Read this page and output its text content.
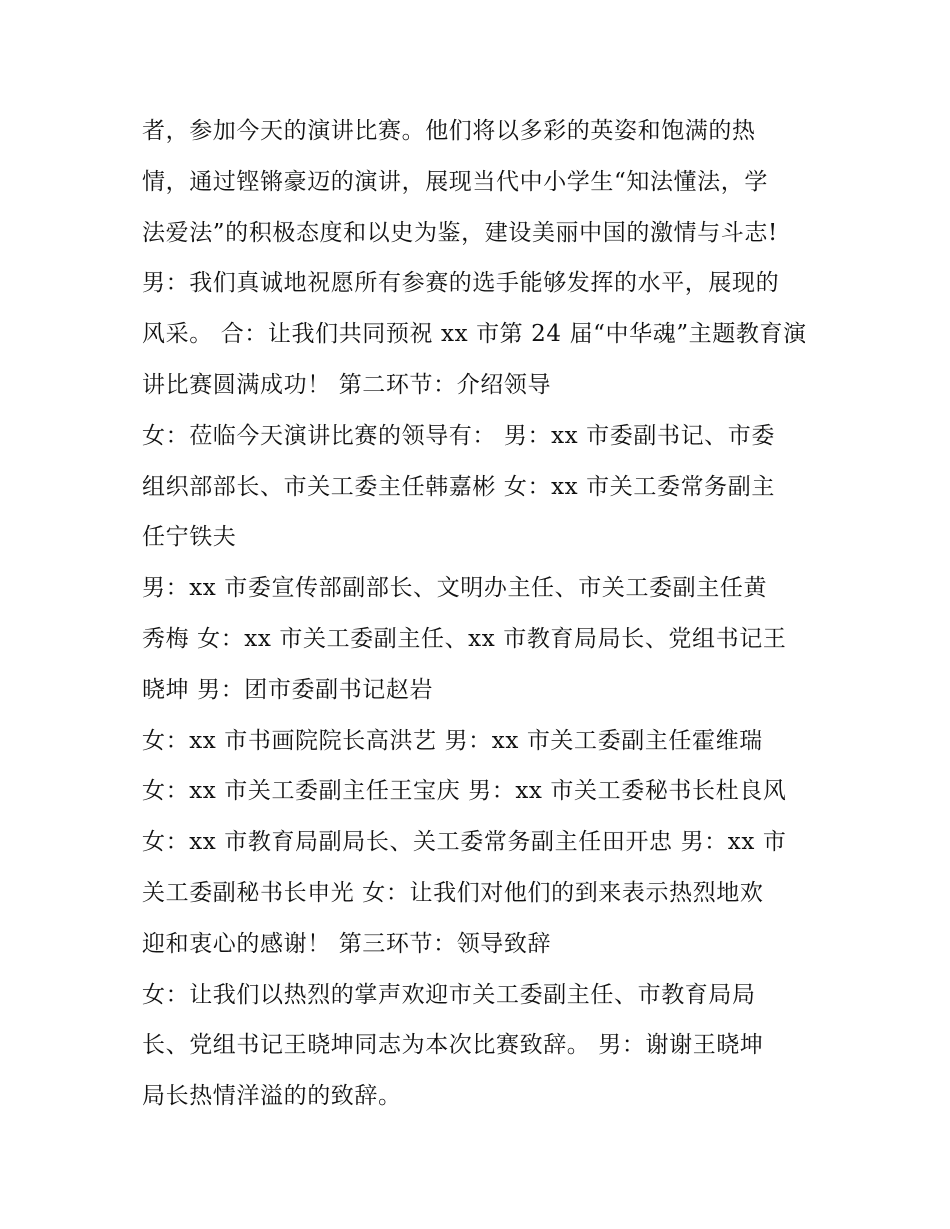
者，参加今天的演讲比赛。他们将以多彩的英姿和饱满的热
情，通过铿锵豪迈的演讲，展现当代中小学生“知法懂法，学
法爱法”的积极态度和以史为鉴，建设美丽中国的激情与斗志!
男：我们真诚地祝愿所有参赛的选手能够发挥的水平，展现的
风采。 合：让我们共同预祝 xx 市第 24 届“中华魂”主题教育演
讲比赛圆满成功！ 第二环节：介绍领导
女：莅临今天演讲比赛的领导有： 男：xx 市委副书记、市委
组织部部长、市关工委主任韩嘉彬 女：xx 市关工委常务副主
任宁铁夫
男：xx 市委宣传部副部长、文明办主任、市关工委副主任黄
秀梅 女：xx 市关工委副主任、xx 市教育局局长、党组书记王
晓坤 男：团市委副书记赵岩
女：xx 市书画院院长高洪艺 男：xx 市关工委副主任霍维瑞
女：xx 市关工委副主任王宝庆 男：xx 市关工委秘书长杜良风
女：xx 市教育局副局长、关工委常务副主任田开忠 男：xx 市
关工委副秘书长申光 女：让我们对他们的到来表示热烈地欢
迎和衷心的感谢！ 第三环节：领导致辞
女：让我们以热烈的掌声欢迎市关工委副主任、市教育局局
长、党组书记王晓坤同志为本次比赛致辞。 男：谢谢王晓坤
局长热情洋溢的的致辞。
